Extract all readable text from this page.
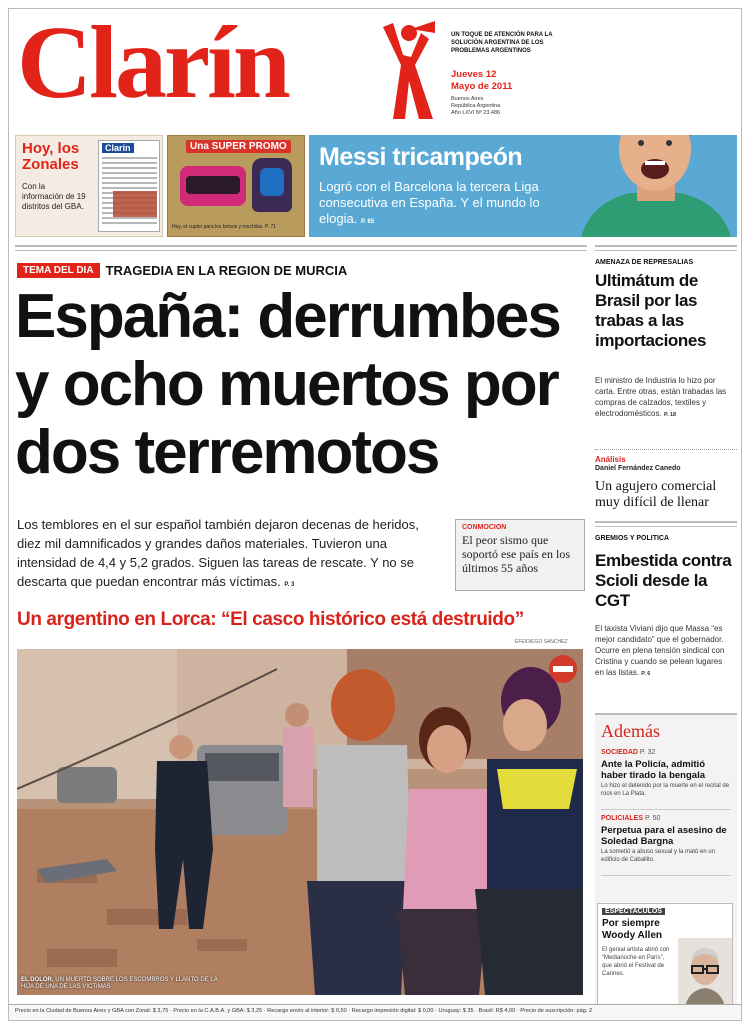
Clarín	UN TOQUE DE ATENCIÓN PARA LA SOLUCIÓN ARGENTINA DE LOS PROBLEMAS ARGENTINOS
Jueves 12
Mayo de 2011
Buenos Aires
República Argentina
Año LXVI Nº 23.486
Hoy, los Zonales
Con la información de 19 distritos del GBA.
Clarín	Una SUPER PROMO
Hoy, el cupón para los bolsos y mochilas. P. 71
Messi tricampeón
Logró con el Barcelona la tercera Liga consecutiva en España. Y el mundo lo elogia. P. 65
TEMA DEL DIA TRAGEDIA EN LA REGION DE MURCIA
España: derrumbes y ocho muertos por dos terremotos
Los temblores en el sur español también dejaron decenas de heridos, diez mil damnificados y grandes daños materiales. Tuvieron una intensidad de 4,4 y 5,2 grados. Siguen las tareas de rescate. Y no se descarta que puedan encontrar más víctimas. P. 3
CONMOCION
El peor sismo que soportó ese país en los últimos 55 años
Un argentino en Lorca: “El casco histórico está destruido”
EFE/DIEGO SANCHEZ
EL DOLOR. UN MUERTO SOBRE LOS ESCOMBROS Y LLANTO DE LA HIJA DE UNA DE LAS VICTIMAS
AMENAZA DE REPRESALIAS
Ultimátum de Brasil por las trabas a las importaciones
El ministro de Industria lo hizo por carta. Entre otras, están trabadas las compras de calzados, textiles y electrodomésticos. P. 18
Análisis
Daniel Fernández Canedo
Un agujero comercial muy difícil de llenar
GREMIOS Y POLITICA
Embestida contra Scioli desde la CGT
El taxista Viviani dijo que Massa “es mejor candidato” que el gobernador. Ocurre en plena tensión sindical con Cristina y cuando se pelean lugares en las listas. P. 6
Además
SOCIEDAD P. 32
Ante la Policía, admitió haber tirado la bengala
Lo hizo el detenido por la muerte en el recital de rock en La Plata.
POLICIALES P. 50
Perpetua para el asesino de Soledad Bargna
La sometió a abuso sexual y la mató en un edificio de Caballito.
ESPECTACULOS
Por siempre Woody Allen
El genial artista abrió con “Medianoche en París”, que abrió el Festival de Cannes.
Precio en la Ciudad de Buenos Aires y GBA con Zonal: $ 3,75 · Precio en la C.A.B.A. y GBA: $ 3,25 · Recargo envío al interior: $ 0,50 · Recargo impresión digital: $ 0,00 · Uruguay: $ 35 · Brasil: R$ 4,00 · Precio de suscripción: pág. 2
